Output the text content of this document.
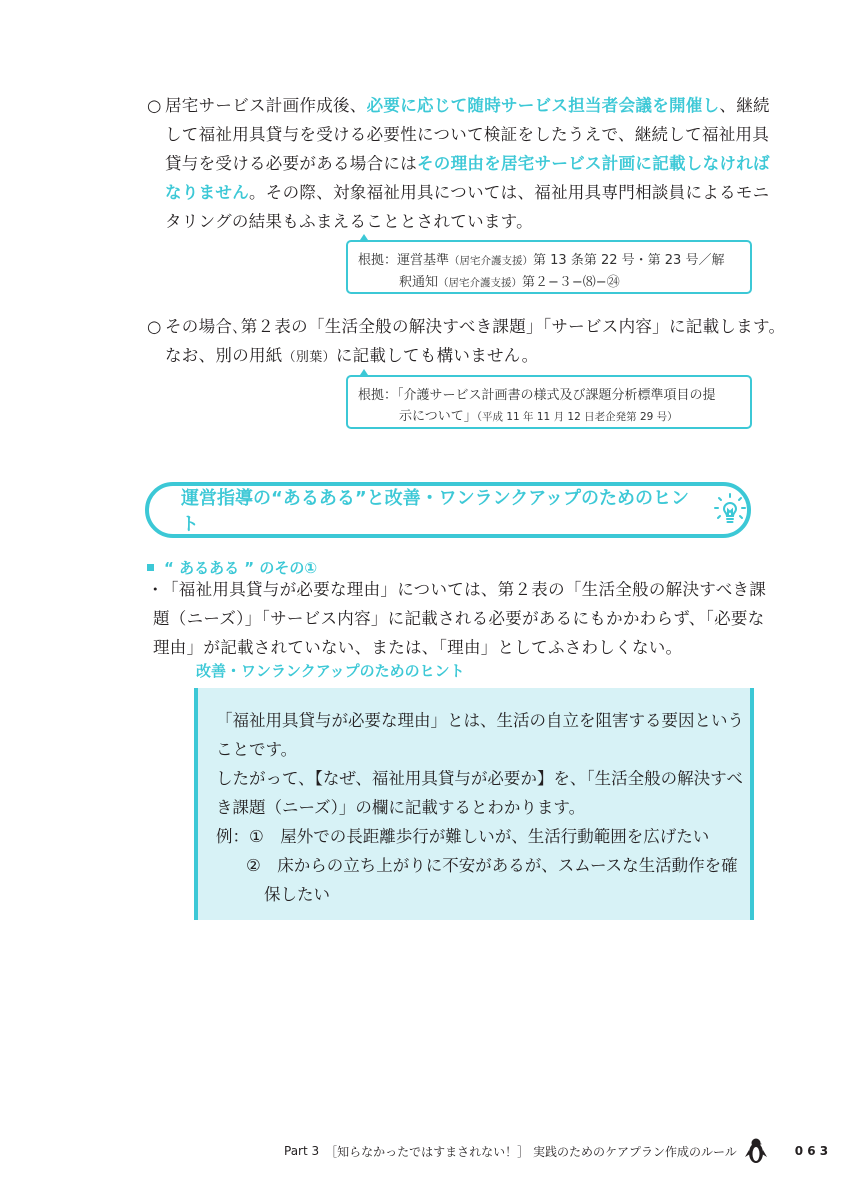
○ 居宅サービス計画作成後、必要に応じて随時サービス担当者会議を開催し、継続
して福祉用具貸与を受ける必要性について検証をしたうえで、継続して福祉用具
貸与を受ける必要がある場合にはその理由を居宅サービス計画に記載しなければ
なりません。その際、対象福祉用具については、福祉用具専門相談員によるモニ
タリングの結果もふまえることとされています。
根拠：運営基準（居宅介護支援）第 13 条第 22 号・第 23 号／解
釈通知（居宅介護支援）第２−３−⑻−㉔
○ その場合､第２表の「生活全般の解決すべき課題」「サービス内容」に記載します。
なお、別の用紙（別葉）に記載しても構いません。
根拠：「介護サービス計画書の様式及び課題分析標準項目の提
示について」（平成 11 年 11 月 12 日老企発第 29 号）
運営指導の“あるある”と改善・ワンランクアップのためのヒント
“ あるある ” のその①
・
「福祉用具貸与が必要な理由」については、第２表の「生活全般の解決すべき課
題（ニーズ）」「サービス内容」に記載される必要があるにもかかわらず、「必要な
理由」が記載されていない、または、「理由」としてふさわしくない。
改善・ワンランクアップのためのヒント
「福祉用具貸与が必要な理由」とは、生活の自立を阻害する要因という
ことです。
したがって、【なぜ、福祉用具貸与が必要か】を、「生活全般の解決すべ
き課題（ニーズ）」の欄に記載するとわかります。
例：①　屋外での長距離歩行が難しいが、生活行動範囲を広げたい
②　床からの立ち上がりに不安があるが、スムースな生活動作を確
保したい
Part 3 ［知らなかったではすまされない！］ 実践のためのケアプラン作成のルール	0 6 3
